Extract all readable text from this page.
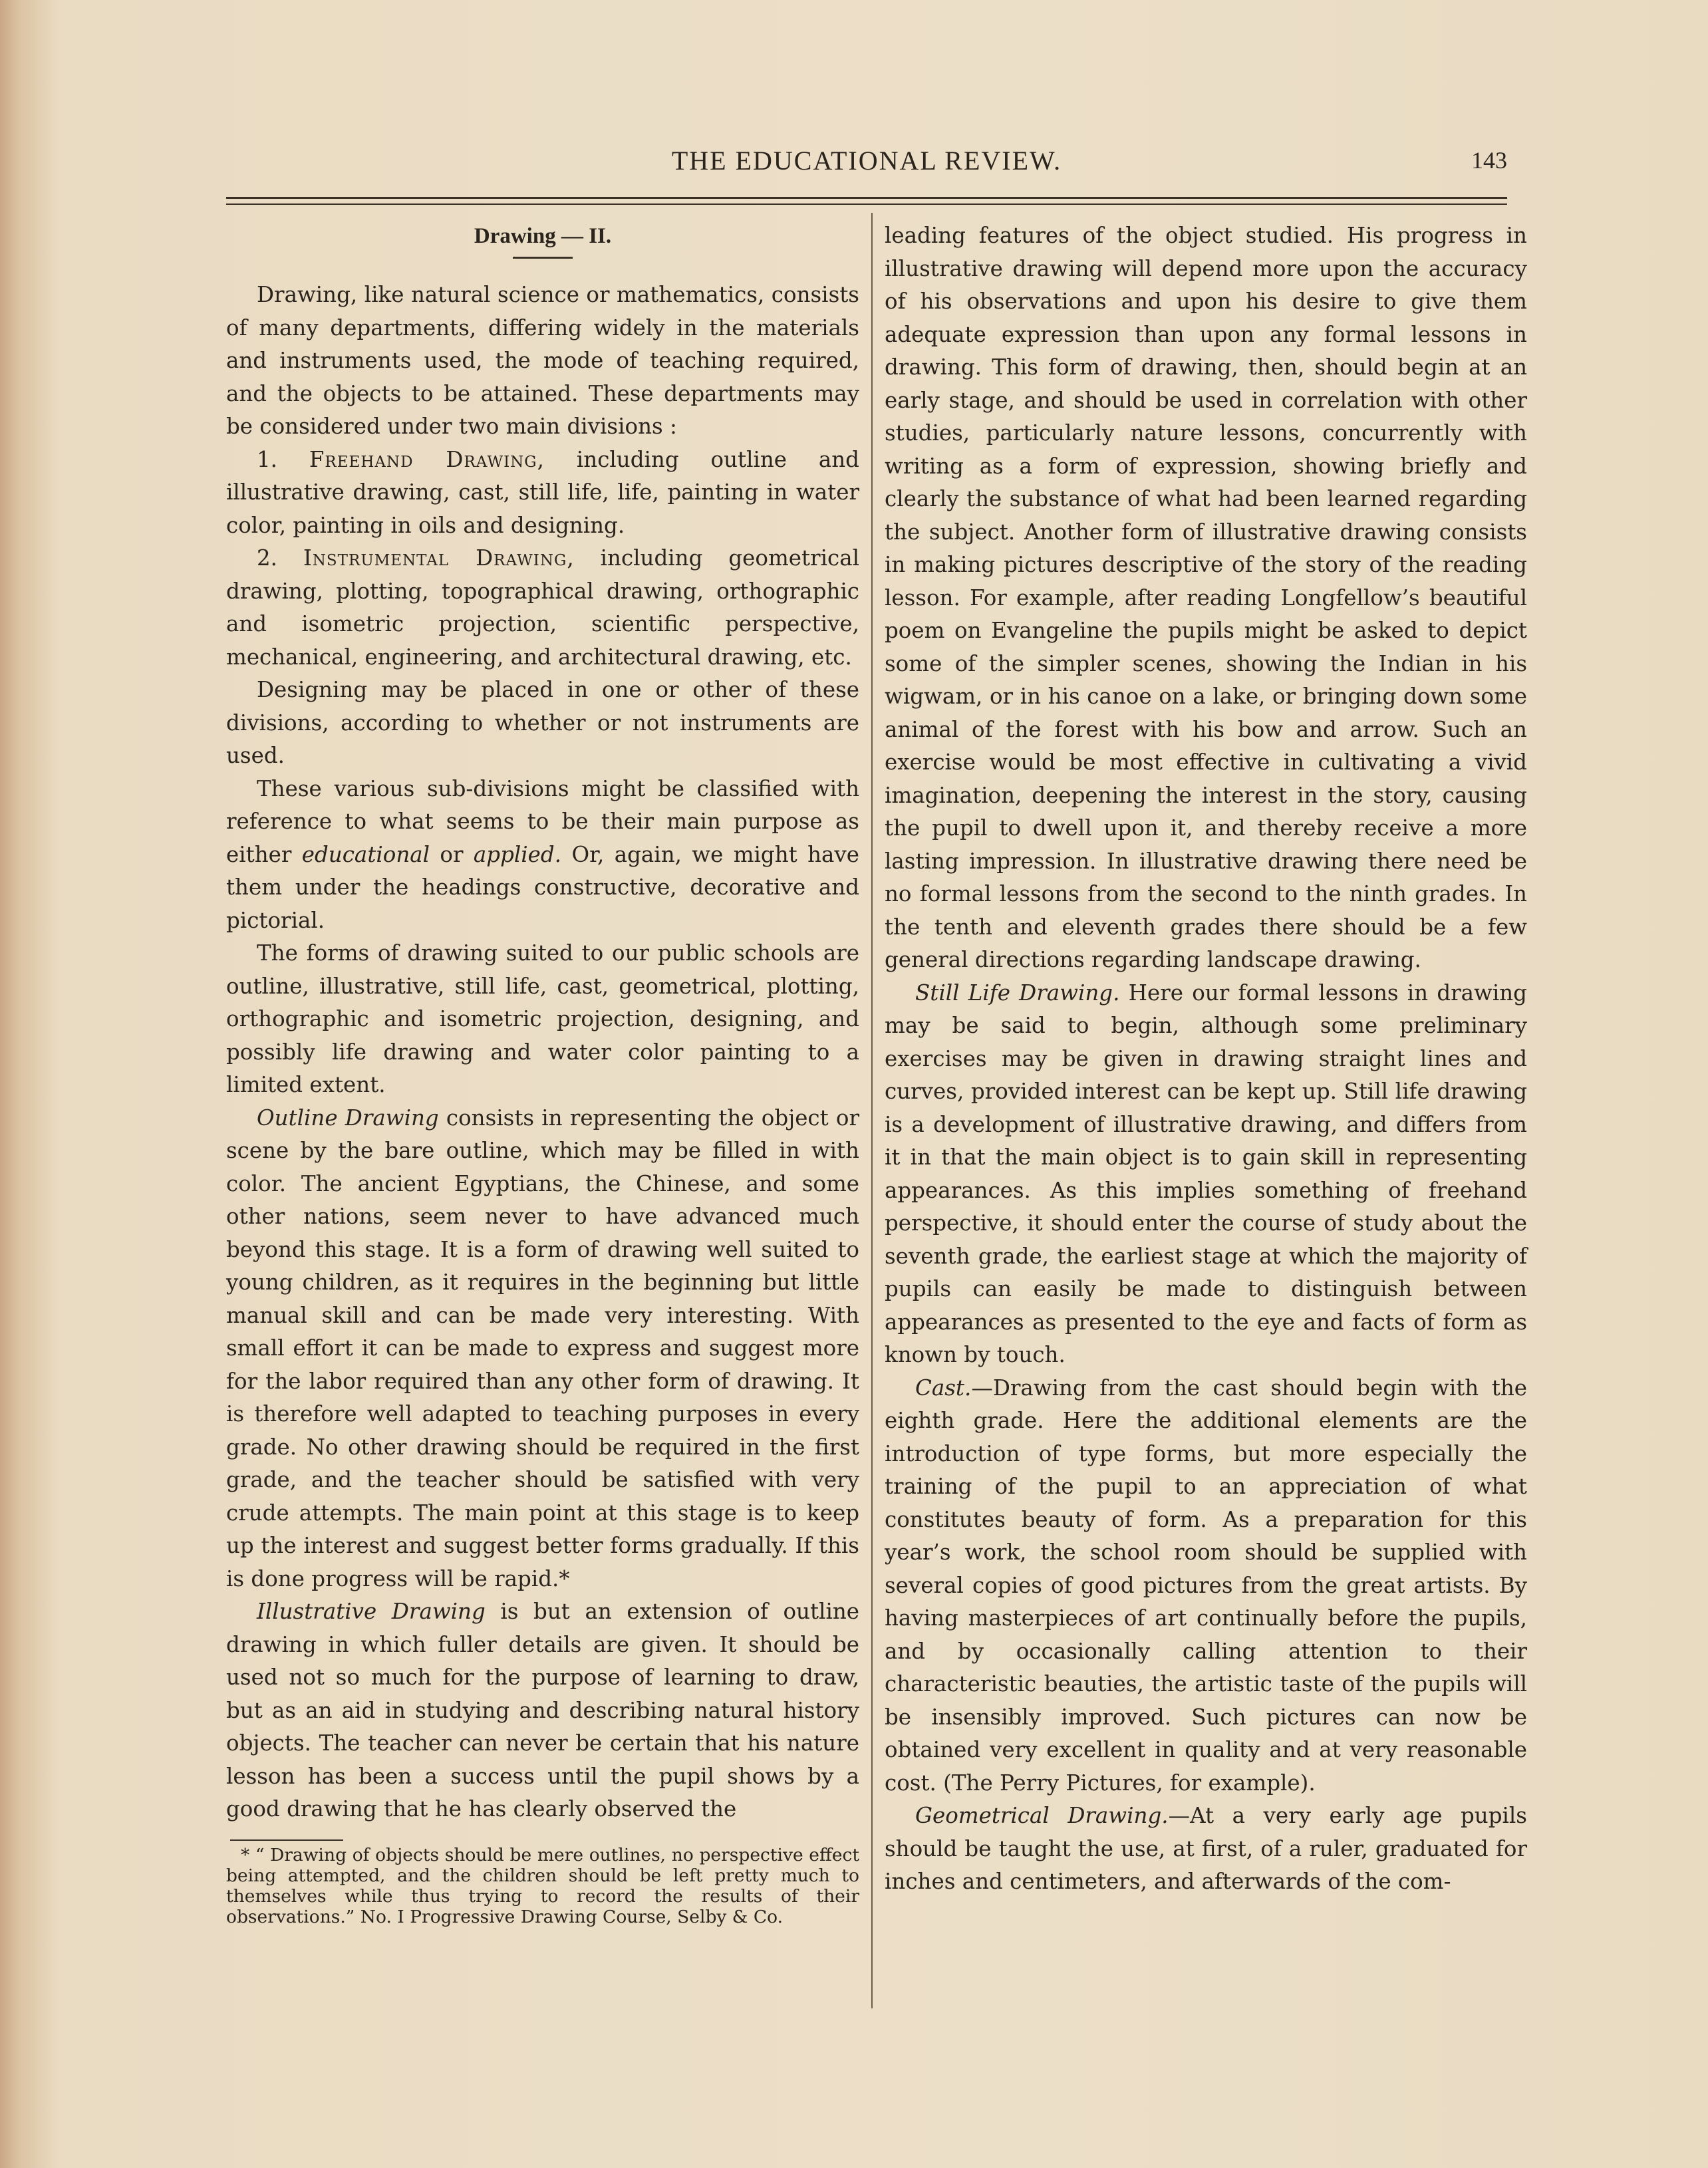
THE EDUCATIONAL REVIEW.	143
Drawing — II.

Drawing, like natural science or mathematics, consists of many departments, differing widely in the materials and instruments used, the mode of teaching required, and the objects to be attained. These departments may be considered under two main divisions :

1. Freehand Drawing, including outline and illustrative drawing, cast, still life, life, painting in water color, painting in oils and designing.

2. Instrumental Drawing, including geometrical drawing, plotting, topographical drawing, orthographic and isometric projection, scientific perspective, mechanical, engineering, and architectural drawing, etc.

Designing may be placed in one or other of these divisions, according to whether or not instruments are used.

These various sub-divisions might be classified with reference to what seems to be their main purpose as either educational or applied. Or, again, we might have them under the headings constructive, decorative and pictorial.

The forms of drawing suited to our public schools are outline, illustrative, still life, cast, geometrical, plotting, orthographic and isometric projection, designing, and possibly life drawing and water color painting to a limited extent.

Outline Drawing consists in representing the object or scene by the bare outline, which may be filled in with color. The ancient Egyptians, the Chinese, and some other nations, seem never to have advanced much beyond this stage. It is a form of drawing well suited to young children, as it requires in the beginning but little manual skill and can be made very interesting. With small effort it can be made to express and suggest more for the labor required than any other form of drawing. It is therefore well adapted to teaching purposes in every grade. No other drawing should be required in the first grade, and the teacher should be satisfied with very crude attempts. The main point at this stage is to keep up the interest and suggest better forms gradually. If this is done progress will be rapid.*

Illustrative Drawing is but an extension of outline drawing in which fuller details are given. It should be used not so much for the purpose of learning to draw, but as an aid in studying and describing natural history objects. The teacher can never be certain that his nature lesson has been a success until the pupil shows by a good drawing that he has clearly observed the

* “ Drawing of objects should be mere outlines, no perspective effect being attempted, and the children should be left pretty much to themselves while thus trying to record the results of their observations.” No. I Progressive Drawing Course, Selby & Co.

leading features of the object studied. His progress in illustrative drawing will depend more upon the accuracy of his observations and upon his desire to give them adequate expression than upon any formal lessons in drawing. This form of drawing, then, should begin at an early stage, and should be used in correlation with other studies, particularly nature lessons, concurrently with writing as a form of expression, showing briefly and clearly the substance of what had been learned regarding the subject. Another form of illustrative drawing consists in making pictures descriptive of the story of the reading lesson. For example, after reading Longfellow’s beautiful poem on Evangeline the pupils might be asked to depict some of the simpler scenes, showing the Indian in his wigwam, or in his canoe on a lake, or bringing down some animal of the forest with his bow and arrow. Such an exercise would be most effective in cultivating a vivid imagination, deepening the interest in the story, causing the pupil to dwell upon it, and thereby receive a more lasting impression. In illustrative drawing there need be no formal lessons from the second to the ninth grades. In the tenth and eleventh grades there should be a few general directions regarding landscape drawing.

Still Life Drawing. Here our formal lessons in drawing may be said to begin, although some preliminary exercises may be given in drawing straight lines and curves, provided interest can be kept up. Still life drawing is a development of illustrative drawing, and differs from it in that the main object is to gain skill in representing appearances. As this implies something of freehand perspective, it should enter the course of study about the seventh grade, the earliest stage at which the majority of pupils can easily be made to distinguish between appearances as presented to the eye and facts of form as known by touch.

Cast.—Drawing from the cast should begin with the eighth grade. Here the additional elements are the introduction of type forms, but more especially the training of the pupil to an appreciation of what constitutes beauty of form. As a preparation for this year’s work, the school room should be supplied with several copies of good pictures from the great artists. By having masterpieces of art continually before the pupils, and by occasionally calling attention to their characteristic beauties, the artistic taste of the pupils will be insensibly improved. Such pictures can now be obtained very excellent in quality and at very reasonable cost. (The Perry Pictures, for example).

Geometrical Drawing.—At a very early age pupils should be taught the use, at first, of a ruler, graduated for inches and centimeters, and afterwards of the com-
